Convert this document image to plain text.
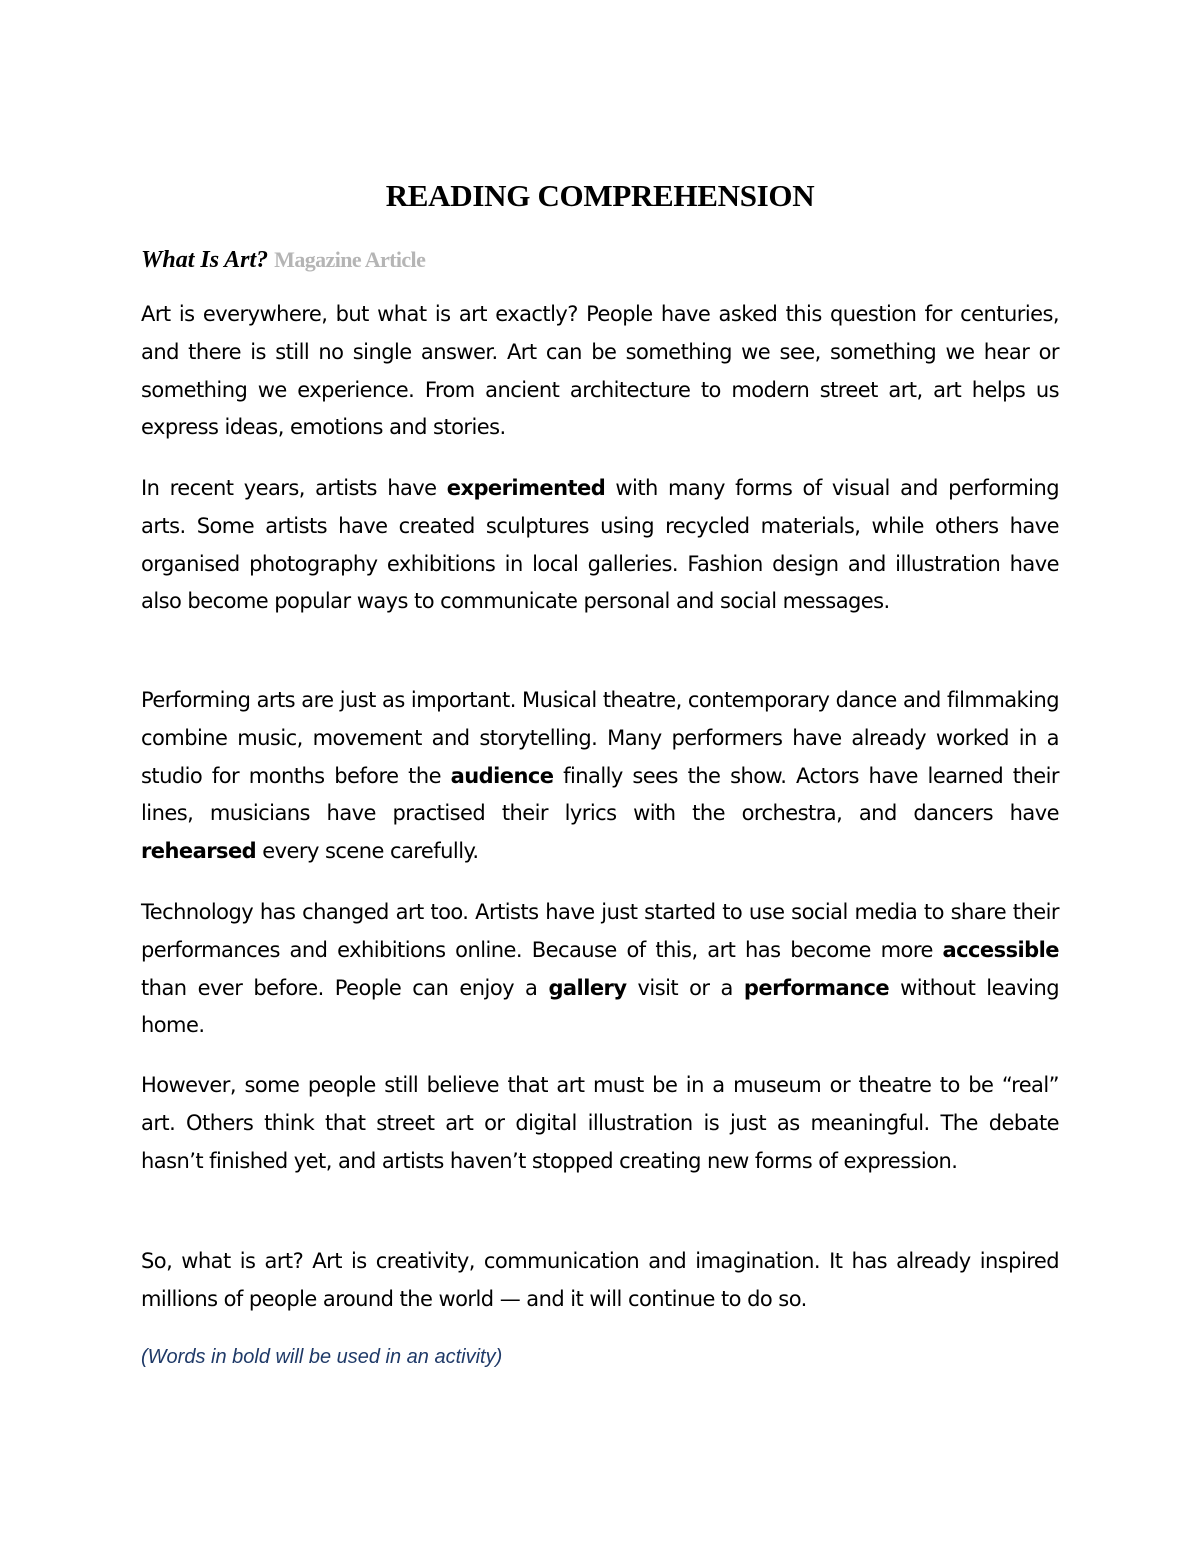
READING COMPREHENSION

What Is Art? Magazine Article

Art is everywhere, but what is art exactly? People have asked this question for centuries, and there is still no single answer. Art can be something we see, something we hear or something we experience. From ancient architecture to modern street art, art helps us express ideas, emotions and stories.

In recent years, artists have experimented with many forms of visual and performing arts. Some artists have created sculptures using recycled materials, while others have organised photography exhibitions in local galleries. Fashion design and illustration have also become popular ways to communicate personal and social messages.

Performing arts are just as important. Musical theatre, contemporary dance and filmmaking combine music, movement and storytelling. Many performers have already worked in a studio for months before the audience finally sees the show. Actors have learned their lines, musicians have practised their lyrics with the orchestra, and dancers have rehearsed every scene carefully.

Technology has changed art too. Artists have just started to use social media to share their performances and exhibitions online. Because of this, art has become more accessible than ever before. People can enjoy a gallery visit or a performance without leaving home.

However, some people still believe that art must be in a museum or theatre to be “real” art. Others think that street art or digital illustration is just as meaningful. The debate hasn’t finished yet, and artists haven’t stopped creating new forms of expression.

So, what is art? Art is creativity, communication and imagination. It has already inspired millions of people around the world — and it will continue to do so.

(Words in bold will be used in an activity)
